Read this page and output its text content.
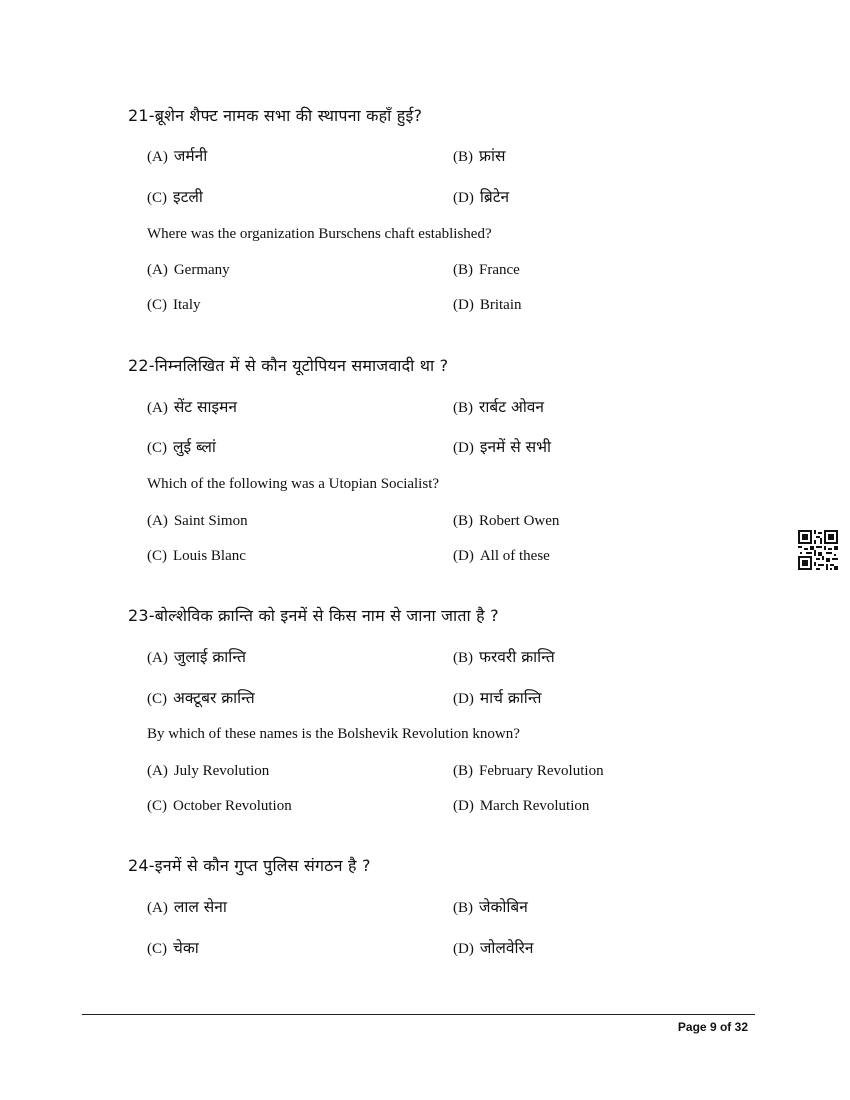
21-ब्रूशेन शैफ्ट नामक सभा की स्थापना कहाँ हुई?
(A) जर्मनी	(B) फ्रांस
(C) इटली	(D) ब्रिटेन
Where was the organization Burschens chaft established?
(A) Germany	(B) France
(C) Italy	(D) Britain
22-निम्नलिखित में से कौन यूटोपियन समाजवादी था ?
(A) सेंट साइमन	(B) रार्बट ओवन
(C) लुई ब्लां	(D) इनमें से सभी
Which of the following was a Utopian Socialist?
(A) Saint Simon	(B) Robert Owen
(C) Louis Blanc	(D) All of these
23-बोल्शेविक क्रान्ति को इनमें से किस नाम से जाना जाता है ?
(A) जुलाई क्रान्ति	(B) फरवरी क्रान्ति
(C) अक्टूबर क्रान्ति	(D) मार्च क्रान्ति
By which of these names is the Bolshevik Revolution known?
(A) July Revolution	(B) February Revolution
(C) October Revolution	(D) March Revolution
24-इनमें से कौन गुप्त पुलिस संगठन है ?
(A) लाल सेना	(B) जेकोबिन
(C) चेका	(D) जोलवेरिन
Page 9 of 32
